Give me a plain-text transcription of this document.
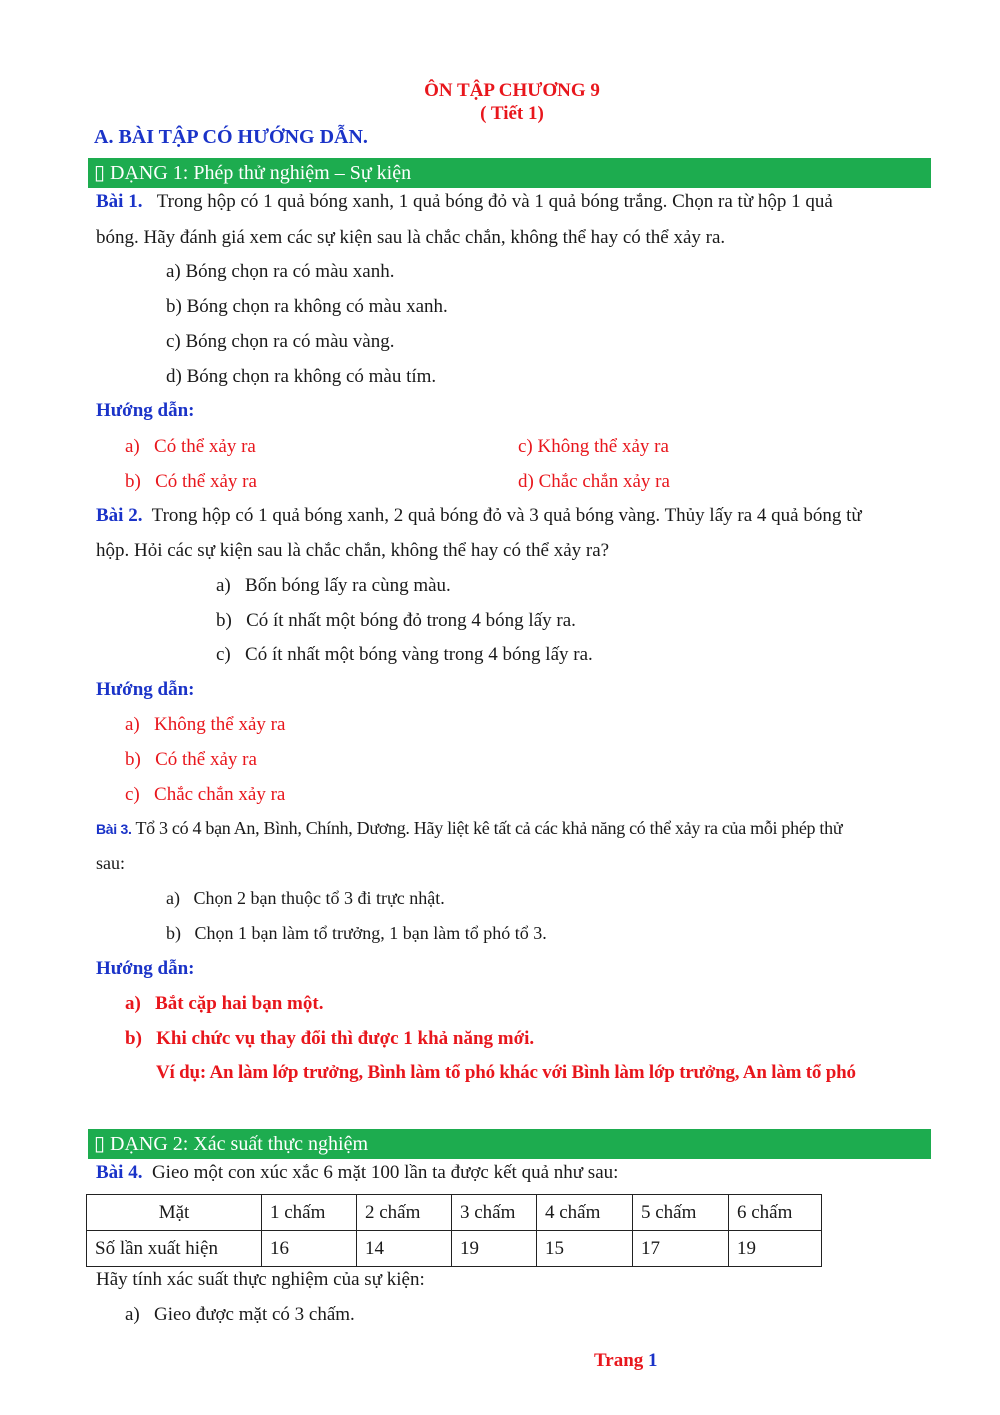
ÔN TẬP CHƯƠNG 9
( Tiết 1)
A. BÀI TẬP CÓ HƯỚNG DẪN.
▯ DẠNG 1: Phép thử nghiệm – Sự kiện
Bài 1. Trong hộp có 1 quả bóng xanh, 1 quả bóng đỏ và 1 quả bóng trắng. Chọn ra từ hộp 1 quả
bóng. Hãy đánh giá xem các sự kiện sau là chắc chắn, không thể hay có thể xảy ra.
a) Bóng chọn ra có màu xanh.
b) Bóng chọn ra không có màu xanh.
c) Bóng chọn ra có màu vàng.
d) Bóng chọn ra không có màu tím.
Hướng dẫn:
a) Có thể xảy ra
b) Có thể xảy ra
c) Không thể xảy ra
d) Chắc chắn xảy ra
Bài 2. Trong hộp có 1 quả bóng xanh, 2 quả bóng đỏ và 3 quả bóng vàng. Thủy lấy ra 4 quả bóng từ
hộp. Hỏi các sự kiện sau là chắc chắn, không thể hay có thể xảy ra?
a) Bốn bóng lấy ra cùng màu.
b) Có ít nhất một bóng đỏ trong 4 bóng lấy ra.
c) Có ít nhất một bóng vàng trong 4 bóng lấy ra.
Hướng dẫn:
a) Không thể xảy ra
b) Có thể xảy ra
c) Chắc chắn xảy ra
Bài 3. Tổ 3 có 4 bạn An, Bình, Chính, Dương. Hãy liệt kê tất cả các khả năng có thể xảy ra của mỗi phép thử
sau:
a) Chọn 2 bạn thuộc tổ 3 đi trực nhật.
b) Chọn 1 bạn làm tổ trưởng, 1 bạn làm tổ phó tổ 3.
Hướng dẫn:
a) Bắt cặp hai bạn một.
b) Khi chức vụ thay đổi thì được 1 khả năng mới.
Ví dụ: An làm lớp trưởng, Bình làm tổ phó khác với Bình làm lớp trưởng, An làm tổ phó
▯ DẠNG 2: Xác suất thực nghiệm
Bài 4. Gieo một con xúc xắc 6 mặt 100 lần ta được kết quả như sau:
Mặt	1 chấm	2 chấm	3 chấm	4 chấm	5 chấm	6 chấm
Số lần xuất hiện	16	14	19	15	17	19
Hãy tính xác suất thực nghiệm của sự kiện:
a) Gieo được mặt có 3 chấm.
Trang 1
